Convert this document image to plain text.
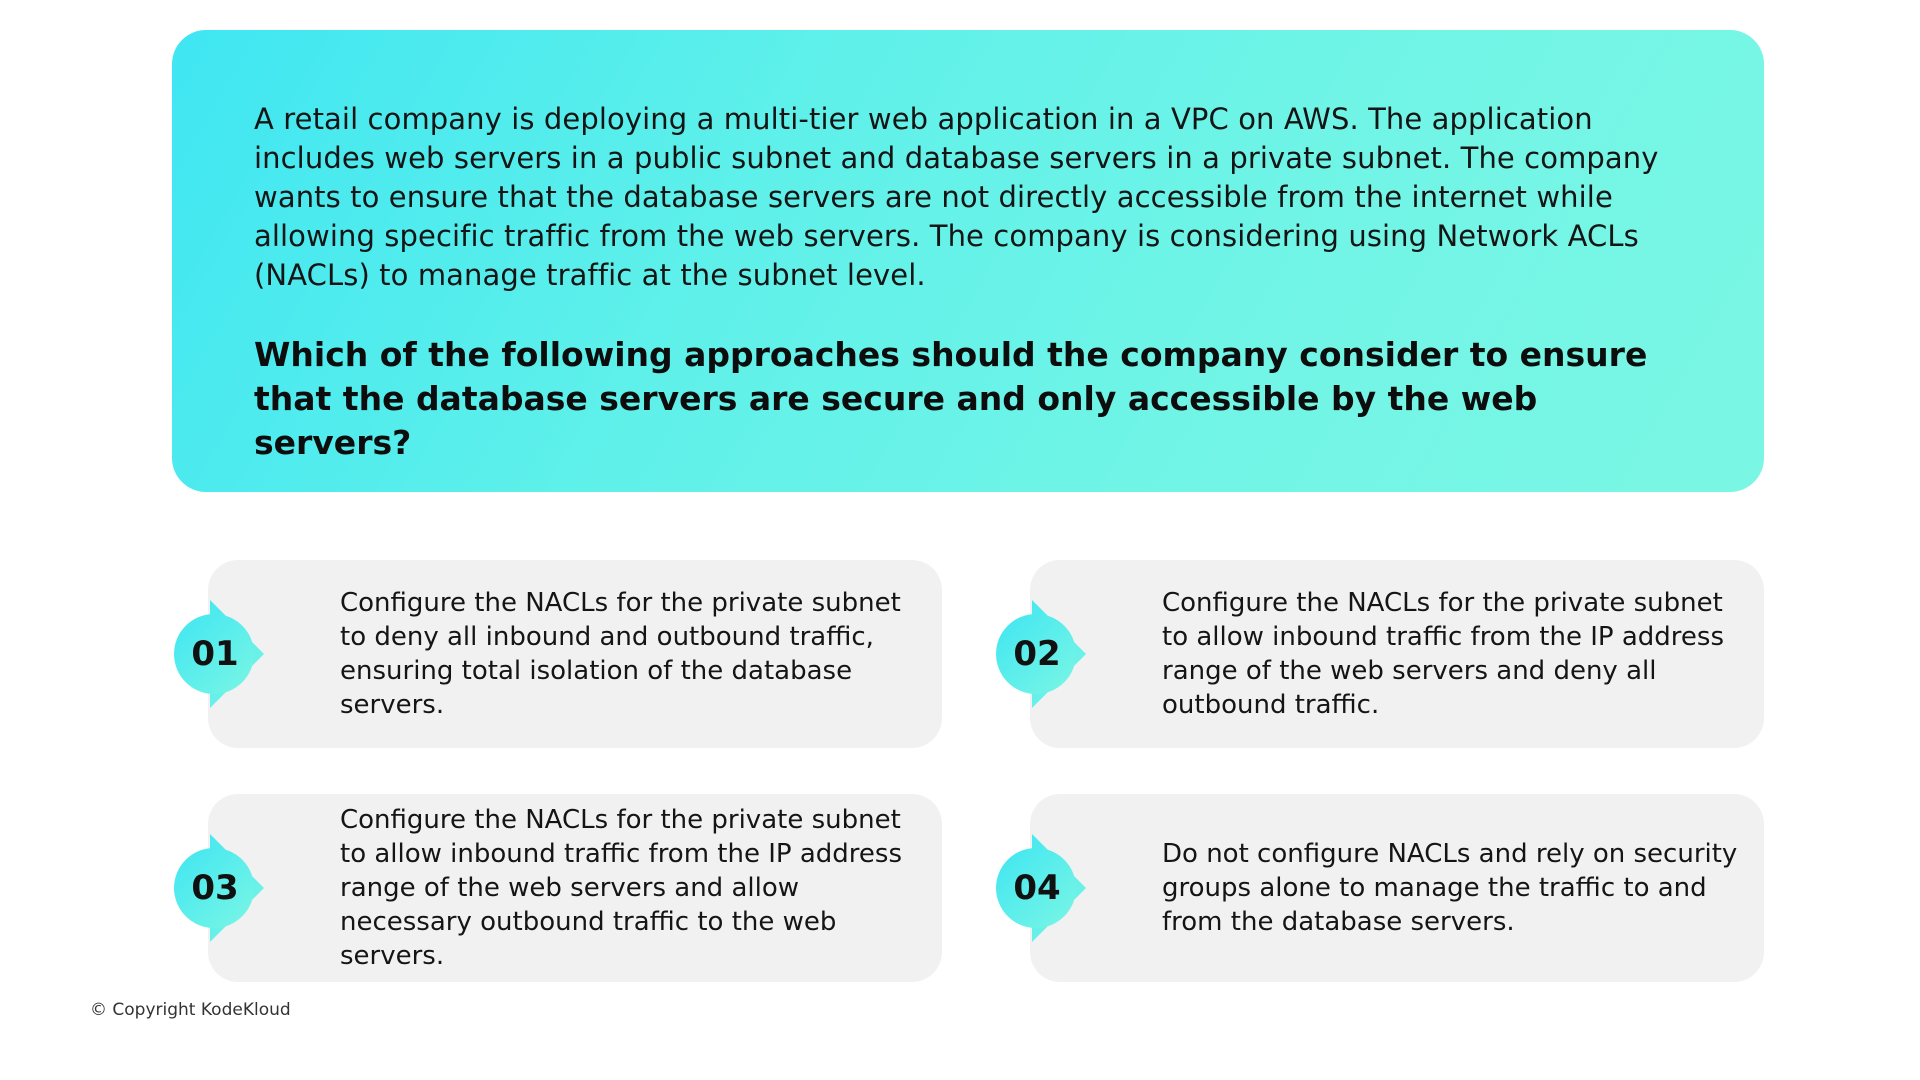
A retail company is deploying a multi-tier web application in a VPC on AWS. The application includes web servers in a public subnet and database servers in a private subnet. The company wants to ensure that the database servers are not directly accessible from the internet while allowing specific traffic from the web servers. The company is considering using Network ACLs (NACLs) to manage traffic at the subnet level.

Which of the following approaches should the company consider to ensure that the database servers are secure and only accessible by the web servers?

Configure the NACLs for the private subnet to deny all inbound and outbound traffic, ensuring total isolation of the database servers.

01

Configure the NACLs for the private subnet to allow inbound traffic from the IP address range of the web servers and deny all outbound traffic.

02

Configure the NACLs for the private subnet to allow inbound traffic from the IP address range of the web servers and allow necessary outbound traffic to the web servers.

03

Do not configure NACLs and rely on security groups alone to manage the traffic to and from the database servers.

04
© Copyright KodeKloud
